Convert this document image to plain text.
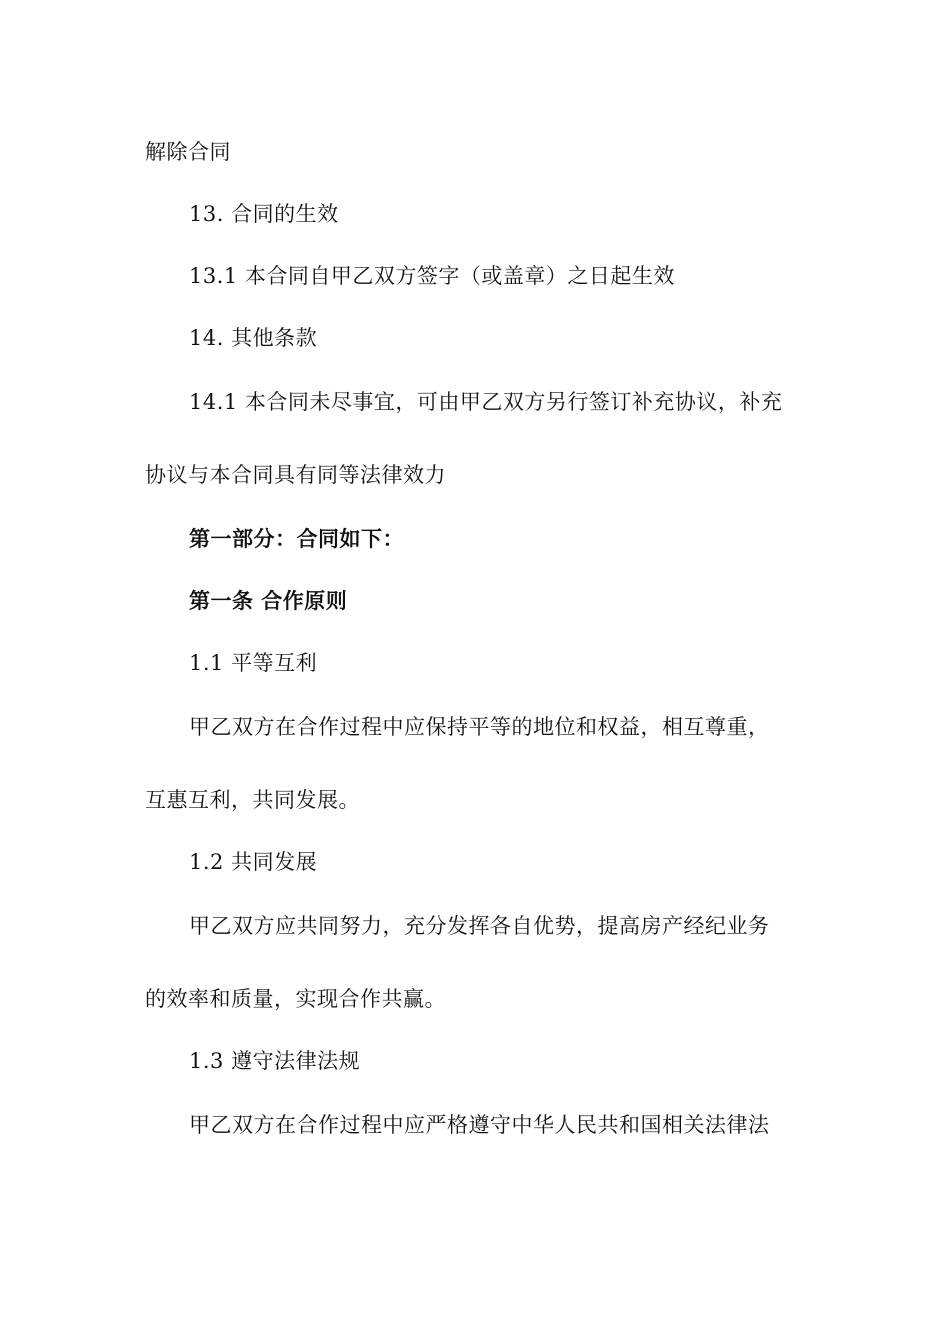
解除合同
13. 合同的生效
13.1 本合同自甲乙双方签字（或盖章）之日起生效
14. 其他条款
14.1 本合同未尽事宜，可由甲乙双方另行签订补充协议，补充
协议与本合同具有同等法律效力
第一部分：合同如下：
第一条 合作原则
1.1 平等互利
甲乙双方在合作过程中应保持平等的地位和权益，相互尊重，
互惠互利，共同发展。
1.2 共同发展
甲乙双方应共同努力，充分发挥各自优势，提高房产经纪业务
的效率和质量，实现合作共赢。
1.3 遵守法律法规
甲乙双方在合作过程中应严格遵守中华人民共和国相关法律法
